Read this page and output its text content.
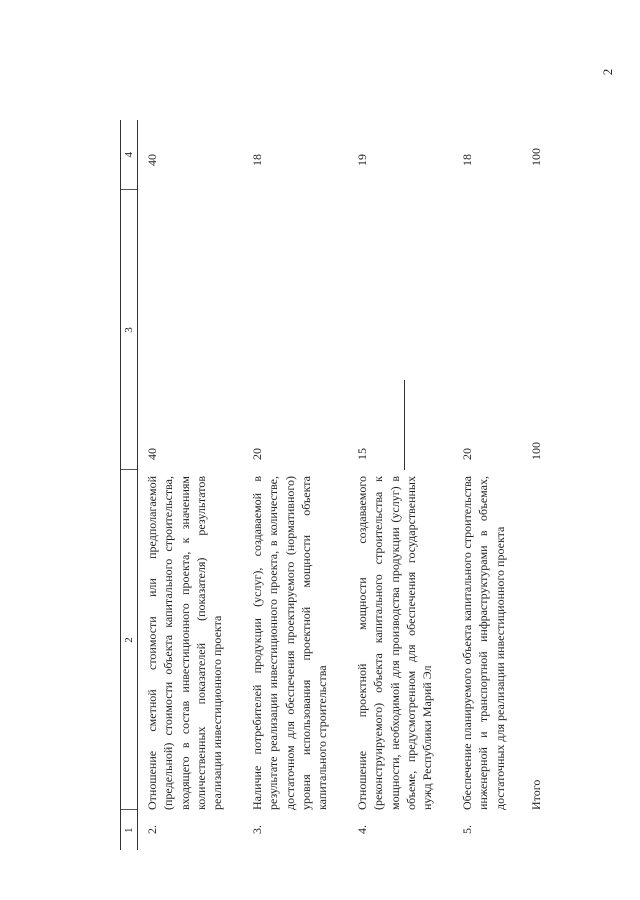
2
1	2	3	4
2.	Отношение сметной стоимости или предполагаемой (предельной) стоимости объекта капитального строительства, входящего в состав инвестиционного проекта, к значениям количественных показателей (показателя) результатов реализации инвестиционного проекта	40	40
3.	Наличие потребителей продукции (услуг), создаваемой в результате реализации инвестиционного проекта, в количестве, достаточном для обеспечения проектируемого (нормативного) уровня использования проектной мощности объекта капитального строительства	20	18
4.	Отношение проектной мощности создаваемого (реконструируемого) объекта капитального строительства к мощности, необходимой для производства продукции (услуг) в объеме, предусмотренном для обеспечения государственных нужд Республики Марий Эл	15	19
5.	Обеспечение планируемого объекта капитального строительства инженерной и транспортной инфраструктурами в объемах, достаточных для реализации инвестиционного проекта	20	18
	Итого	100	100
